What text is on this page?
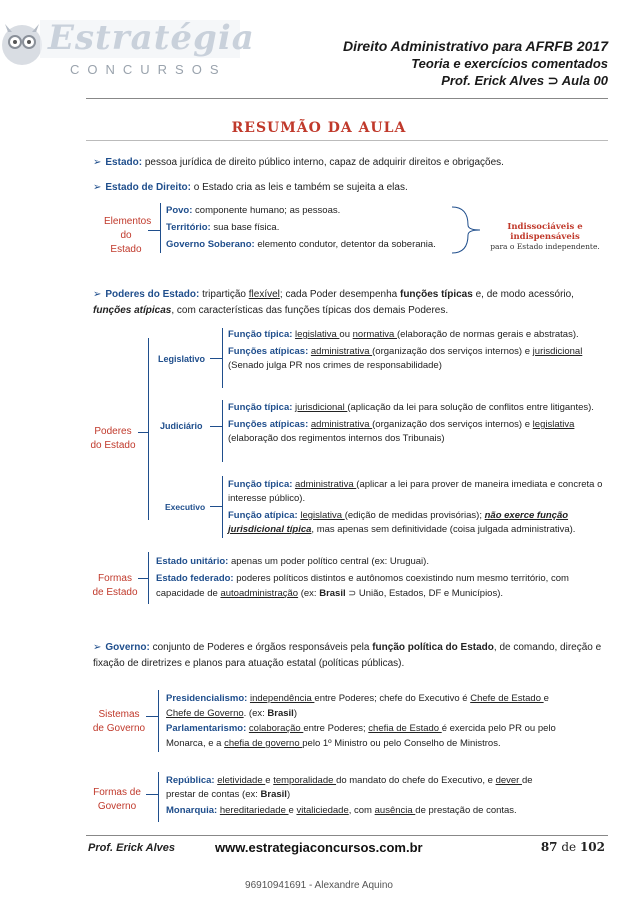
Estratégia
CONCURSOS
Direito Administrativo para AFRFB 2017
Teoria e exercícios comentados
Prof. Erick Alves ⊃ Aula 00
RESUMÃO DA AULA
➢ Estado: pessoa jurídica de direito público interno, capaz de adquirir direitos e obrigações.
➢ Estado de Direito: o Estado cria as leis e também se sujeita a elas.
Elementos do Estado
Povo: componente humano; as pessoas.
Território: sua base física.
Governo Soberano: elemento condutor, detentor da soberania.
Indissociáveis e indispensáveis
para o Estado independente.
➢ Poderes do Estado: tripartição flexível; cada Poder desempenha funções típicas e, de modo acessório, funções atípicas, com características das funções típicas dos demais Poderes.
Poderes do Estado
Legislativo
Função típica: legislativa ou normativa (elaboração de normas gerais e abstratas).
Funções atípicas: administrativa (organização dos serviços internos) e jurisdicional (Senado julga PR nos crimes de responsabilidade)
Judiciário
Função típica: jurisdicional (aplicação da lei para solução de conflitos entre litigantes).
Funções atípicas: administrativa (organização dos serviços internos) e legislativa (elaboração dos regimentos internos dos Tribunais)
Executivo
Função típica: administrativa (aplicar a lei para prover de maneira imediata e concreta o interesse público).
Função atípica: legislativa (edição de medidas provisórias); não exerce função jurisdicional típica, mas apenas sem definitividade (coisa julgada administrativa).
Formas de Estado
Estado unitário: apenas um poder político central (ex: Uruguai).
Estado federado: poderes políticos distintos e autônomos coexistindo num mesmo território, com capacidade de autoadministração (ex: Brasil ⊃ União, Estados, DF e Municípios).
➢ Governo: conjunto de Poderes e órgãos responsáveis pela função política do Estado, de comando, direção e fixação de diretrizes e planos para atuação estatal (políticas públicas).
Sistemas de Governo
Presidencialismo: independência entre Poderes; chefe do Executivo é Chefe de Estado e Chefe de Governo. (ex: Brasil)
Parlamentarismo: colaboração entre Poderes; chefia de Estado é exercida pelo PR ou pelo Monarca, e a chefia de governo pelo 1º Ministro ou pelo Conselho de Ministros.
Formas de Governo
República: eletividade e temporalidade do mandato do chefe do Executivo, e dever de prestar de contas (ex: Brasil)
Monarquia: hereditariedade e vitaliciedade, com ausência de prestação de contas.
Prof. Erick Alves	www.estrategiaconcursos.com.br	87 de 102
96910941691 - Alexandre Aquino
